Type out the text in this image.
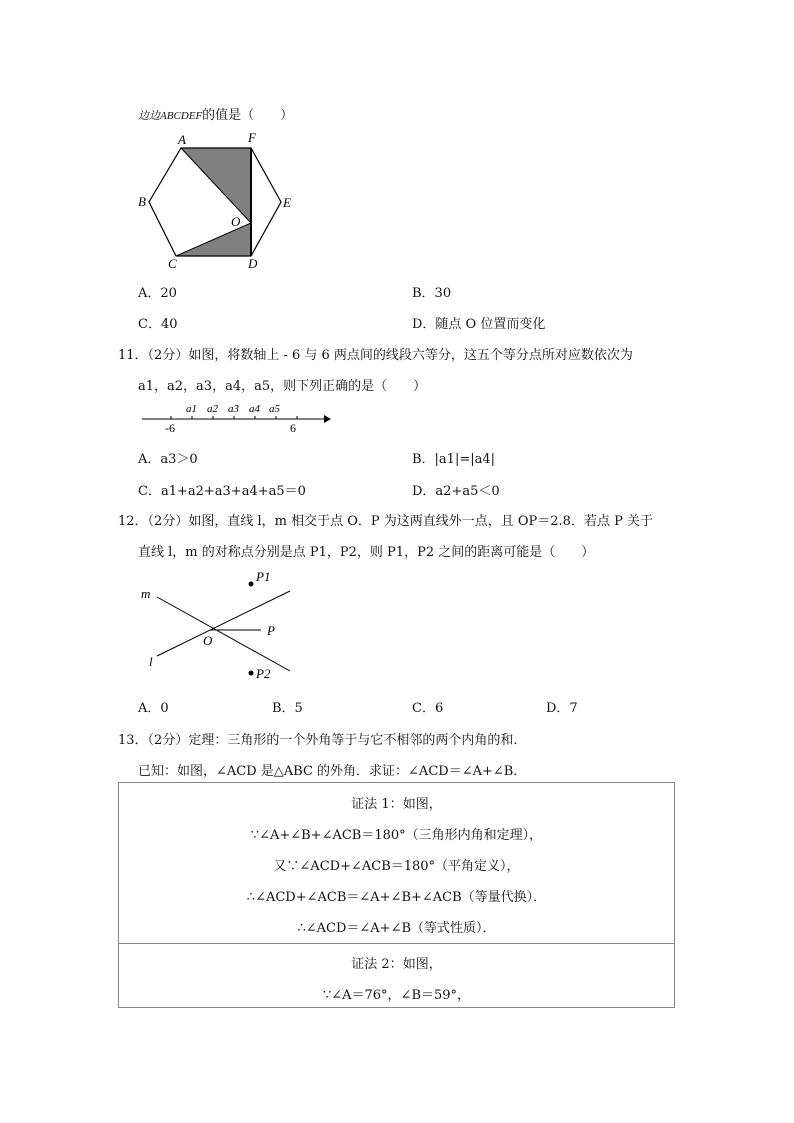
边边ABCDEF的值是（　　）
A	F
B	E
O
C	D
A．20	B．30
C．40	D．随点 O 位置而变化
11．（2分）如图，将数轴上 - 6 与 6 两点间的线段六等分，这五个等分点所对应数依次为
a1，a2，a3，a4，a5，则下列正确的是（　　）
a1 a2 a3 a4 a5
-6	6
A．a3＞0	B．|a1|=|a4|
C．a1+a2+a3+a4+a5＝0	D．a2+a5＜0
12．（2分）如图，直线 l，m 相交于点 O．P 为这两直线外一点，且 OP＝2.8．若点 P 关于
直线 l，m 的对称点分别是点 P1，P2，则 P1，P2 之间的距离可能是（　　）
m
l
O
P
P1
P2
A．0	B．5	C．6	D．7
13．（2分）定理：三角形的一个外角等于与它不相邻的两个内角的和．
已知：如图，∠ACD 是△ABC 的外角．求证：∠ACD＝∠A+∠B．
证法 1：如图，
∵∠A+∠B+∠ACB＝180°（三角形内角和定理），
又∵∠ACD+∠ACB＝180°（平角定义），
∴∠ACD+∠ACB＝∠A+∠B+∠ACB（等量代换）．
∴∠ACD＝∠A+∠B（等式性质）．
证法 2：如图，
∵∠A＝76°，∠B＝59°，
